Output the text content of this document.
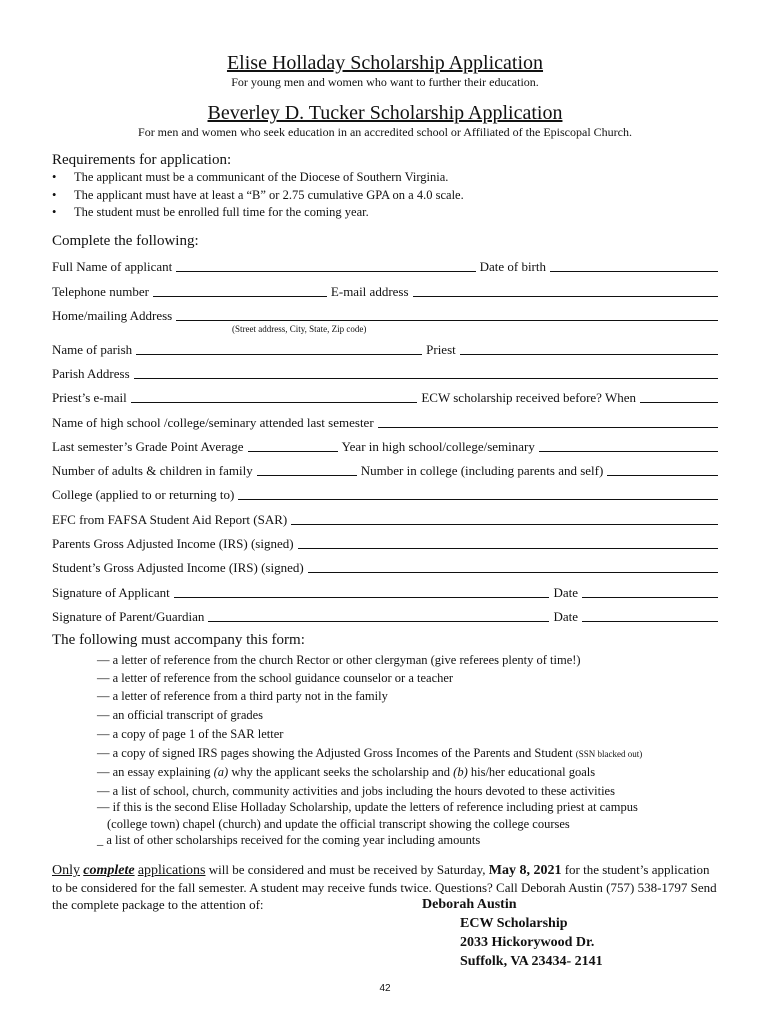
Elise Holladay Scholarship Application
For young men and women who want to further their education.
Beverley D. Tucker Scholarship Application
For men and women who seek education in an accredited school or Affiliated of the Episcopal Church.
Requirements for application:
• The applicant must be a communicant of the Diocese of Southern Virginia.
• The applicant must have at least a “B” or 2.75 cumulative GPA on a 4.0 scale.
• The student must be enrolled full time for the coming year.
Complete the following:
Full Name of applicant	Date of birth
Telephone number	E-mail address
Home/mailing Address
(Street address, City, State, Zip code)
Name of parish	Priest
Parish Address
Priest’s e-mail	ECW scholarship received before? When
Name of high school /college/seminary attended last semester
Last semester’s Grade Point Average	Year in high school/college/seminary
Number of adults & children in family	Number in college (including parents and self)
College (applied to or returning to)
EFC from FAFSA Student Aid Report (SAR)
Parents Gross Adjusted Income (IRS) (signed)
Student’s Gross Adjusted Income (IRS) (signed)
Signature of Applicant	Date
Signature of Parent/Guardian	Date
The following must accompany this form:
— a letter of reference from the church Rector or other clergyman (give referees plenty of time!)
— a letter of reference from the school guidance counselor or a teacher
— a letter of reference from a third party not in the family
— an official transcript of grades
— a copy of page 1 of the SAR letter
— a copy of signed IRS pages showing the Adjusted Gross Incomes of the Parents and Student (SSN blacked out)
— an essay explaining (a) why the applicant seeks the scholarship and (b) his/her educational goals
— a list of school, church, community activities and jobs including the hours devoted to these activities
— if this is the second Elise Holladay Scholarship, update the letters of reference including priest at campus
(college town) chapel (church) and update the official transcript showing the college courses
_ a list of other scholarships received for the coming year including amounts
Only complete applications will be considered and must be received by Saturday, May 8, 2021 for the student’s application to be considered for the fall semester. A student may receive funds twice. Questions? Call Deborah Austin (757) 538-1797 Send the complete package to the attention of:	Deborah Austin
ECW Scholarship
2033 Hickorywood Dr.
Suffolk, VA 23434- 2141
42
